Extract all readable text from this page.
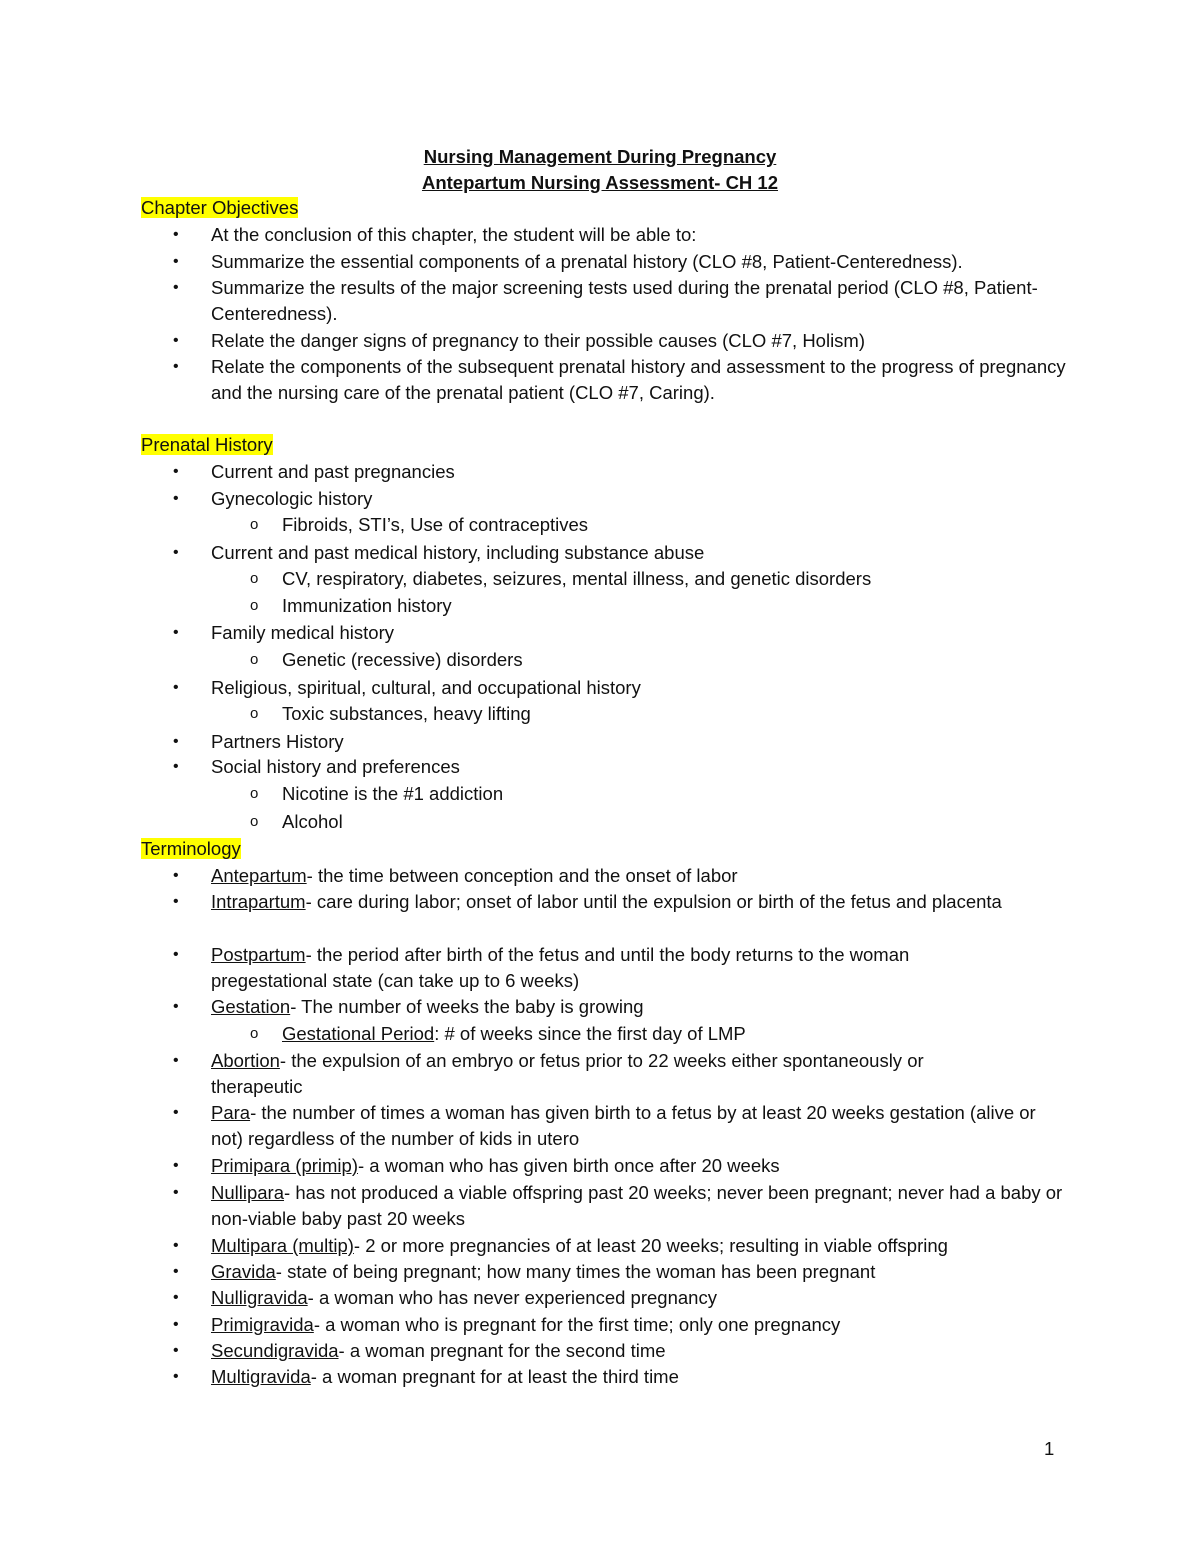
Nursing Management During Pregnancy
Antepartum Nursing Assessment- CH 12
Chapter Objectives
• At the conclusion of this chapter, the student will be able to:
• Summarize the essential components of a prenatal history (CLO #8, Patient-Centeredness).
• Summarize the results of the major screening tests used during the prenatal period (CLO #8, Patient-Centeredness).
• Relate the danger signs of pregnancy to their possible causes (CLO #7, Holism)
• Relate the components of the subsequent prenatal history and assessment to the progress of pregnancy and the nursing care of the prenatal patient (CLO #7, Caring).
Prenatal History
• Current and past pregnancies
• Gynecologic history
o Fibroids, STI’s, Use of contraceptives
• Current and past medical history, including substance abuse
o CV, respiratory, diabetes, seizures, mental illness, and genetic disorders
o Immunization history
• Family medical history
o Genetic (recessive) disorders
• Religious, spiritual, cultural, and occupational history
o Toxic substances, heavy lifting
• Partners History
• Social history and preferences
o Nicotine is the #1 addiction
o Alcohol
Terminology
• Antepartum- the time between conception and the onset of labor
• Intrapartum- care during labor; onset of labor until the expulsion or birth of the fetus and placenta
• Postpartum- the period after birth of the fetus and until the body returns to the woman pregestational state (can take up to 6 weeks)
• Gestation- The number of weeks the baby is growing
o Gestational Period: # of weeks since the first day of LMP
• Abortion- the expulsion of an embryo or fetus prior to 22 weeks either spontaneously or therapeutic
• Para- the number of times a woman has given birth to a fetus by at least 20 weeks gestation (alive or not) regardless of the number of kids in utero
• Primipara (primip)- a woman who has given birth once after 20 weeks
• Nullipara- has not produced a viable offspring past 20 weeks; never been pregnant; never had a baby or non-viable baby past 20 weeks
• Multipara (multip)- 2 or more pregnancies of at least 20 weeks; resulting in viable offspring
• Gravida- state of being pregnant; how many times the woman has been pregnant
• Nulligravida- a woman who has never experienced pregnancy
• Primigravida- a woman who is pregnant for the first time; only one pregnancy
• Secundigravida- a woman pregnant for the second time
• Multigravida- a woman pregnant for at least the third time
1
